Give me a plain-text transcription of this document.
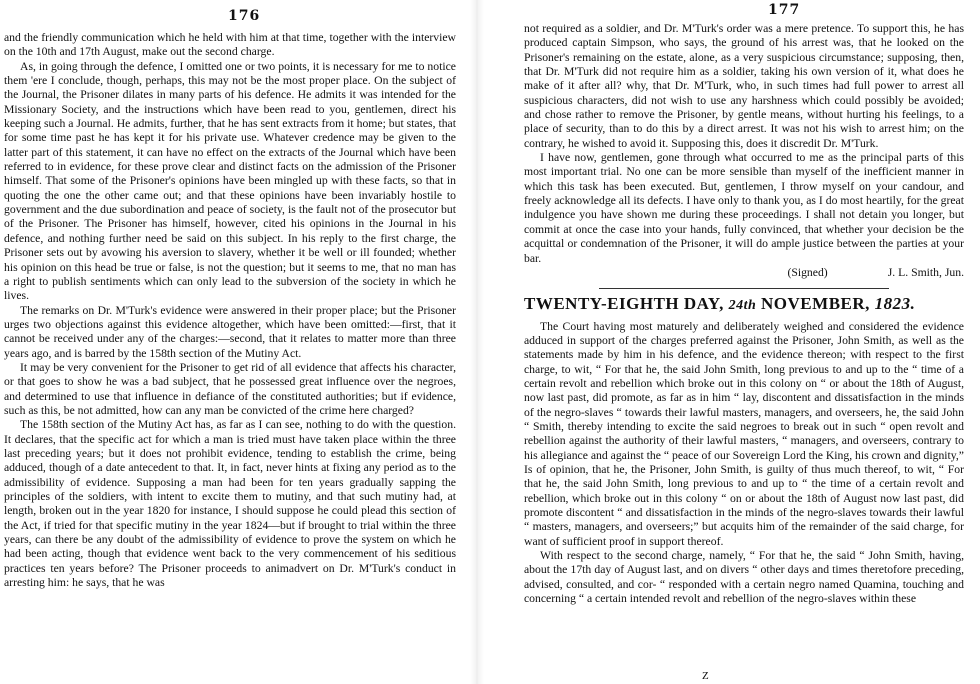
176

and the friendly communication which he held with him at that time, together with the interview on the 10th and 17th August, make out the second charge.

As, in going through the defence, I omitted one or two points, it is necessary for me to notice them 'ere I conclude, though, perhaps, this may not be the most proper place. On the subject of the Journal, the Prisoner dilates in many parts of his defence. He admits it was intended for the Missionary Society, and the instructions which have been read to you, gentlemen, direct his keeping such a Journal. He admits, further, that he has sent extracts from it home; but states, that for some time past he has kept it for his private use. Whatever credence may be given to the latter part of this statement, it can have no effect on the extracts of the Journal which have been referred to in evidence, for these prove clear and distinct facts on the admission of the Prisoner himself. That some of the Prisoner's opinions have been mingled up with these facts, so that in quoting the one the other came out; and that these opinions have been invariably hostile to government and the due subordination and peace of society, is the fault not of the prosecutor but of the Prisoner. The Prisoner has himself, however, cited his opinions in the Journal in his defence, and nothing further need be said on this subject. In his reply to the first charge, the Prisoner sets out by avowing his aversion to slavery, whether it be well or ill founded; whether his opinion on this head be true or false, is not the question; but it seems to me, that no man has a right to publish sentiments which can only lead to the subversion of the society in which he lives.

The remarks on Dr. M'Turk's evidence were answered in their proper place; but the Prisoner urges two objections against this evidence altogether, which have been omitted:—first, that it cannot be received under any of the charges:—second, that it relates to matter more than three years ago, and is barred by the 158th section of the Mutiny Act.

It may be very convenient for the Prisoner to get rid of all evidence that affects his character, or that goes to show he was a bad subject, that he possessed great influence over the negroes, and determined to use that influence in defiance of the constituted authorities; but if evidence, such as this, be not admitted, how can any man be convicted of the crime here charged?

The 158th section of the Mutiny Act has, as far as I can see, nothing to do with the question. It declares, that the specific act for which a man is tried must have taken place within the three last preceding years; but it does not prohibit evidence, tending to establish the crime, being adduced, though of a date antecedent to that. It, in fact, never hints at fixing any period as to the admissibility of evidence. Supposing a man had been for ten years gradually sapping the principles of the soldiers, with intent to excite them to mutiny, and that such mutiny had, at length, broken out in the year 1820 for instance, I should suppose he could plead this section of the Act, if tried for that specific mutiny in the year 1824—but if brought to trial within the three years, can there be any doubt of the admissibility of evidence to prove the system on which he had been acting, though that evidence went back to the very commencement of his seditious practices ten years before? The Prisoner proceeds to animadvert on Dr. M'Turk's conduct in arresting him: he says, that he was

177

not required as a soldier, and Dr. M'Turk's order was a mere pretence. To support this, he has produced captain Simpson, who says, the ground of his arrest was, that he looked on the Prisoner's remaining on the estate, alone, as a very suspicious circumstance; supposing, then, that Dr. M'Turk did not require him as a soldier, taking his own version of it, what does he make of it after all? why, that Dr. M'Turk, who, in such times had full power to arrest all suspicious characters, did not wish to use any harshness which could possibly be avoided; and chose rather to remove the Prisoner, by gentle means, without hurting his feelings, to a place of security, than to do this by a direct arrest. It was not his wish to arrest him; on the contrary, he wished to avoid it. Supposing this, does it discredit Dr. M'Turk.

I have now, gentlemen, gone through what occurred to me as the principal parts of this most important trial. No one can be more sensible than myself of the inefficient manner in which this task has been executed. But, gentlemen, I throw myself on your candour, and freely acknowledge all its defects. I have only to thank you, as I do most heartily, for the great indulgence you have shown me during these proceedings. I shall not detain you longer, but commit at once the case into your hands, fully convinced, that whether your decision be the acquittal or condemnation of the Prisoner, it will do ample justice between the parties at your bar.

(Signed)	J. L. Smith, Jun.

TWENTY-EIGHTH DAY, 24th NOVEMBER, 1823.

The Court having most maturely and deliberately weighed and considered the evidence adduced in support of the charges preferred against the Prisoner, John Smith, as well as the statements made by him in his defence, and the evidence thereon; with respect to the first charge, to wit, “ For that he, the said John Smith, long previous to and up to the “ time of a certain revolt and rebellion which broke out in this colony on “ or about the 18th of August, now last past, did promote, as far as in him “ lay, discontent and dissatisfaction in the minds of the negro-slaves “ towards their lawful masters, managers, and overseers, he, the said John “ Smith, thereby intending to excite the said negroes to break out in such “ open revolt and rebellion against the authority of their lawful masters, “ managers, and overseers, contrary to his allegiance and against the “ peace of our Sovereign Lord the King, his crown and dignity,” Is of opinion, that he, the Prisoner, John Smith, is guilty of thus much thereof, to wit, “ For that he, the said John Smith, long previous to and up to “ the time of a certain revolt and rebellion, which broke out in this colony “ on or about the 18th of August now last past, did promote discontent “ and dissatisfaction in the minds of the negro-slaves towards their lawful “ masters, managers, and overseers;” but acquits him of the remainder of the said charge, for want of sufficient proof in support thereof.

With respect to the second charge, namely, “ For that he, the said “ John Smith, having, about the 17th day of August last, and on divers “ other days and times theretofore preceding, advised, consulted, and cor- “ responded with a certain negro named Quamina, touching and concerning “ a certain intended revolt and rebellion of the negro-slaves within these

Z
